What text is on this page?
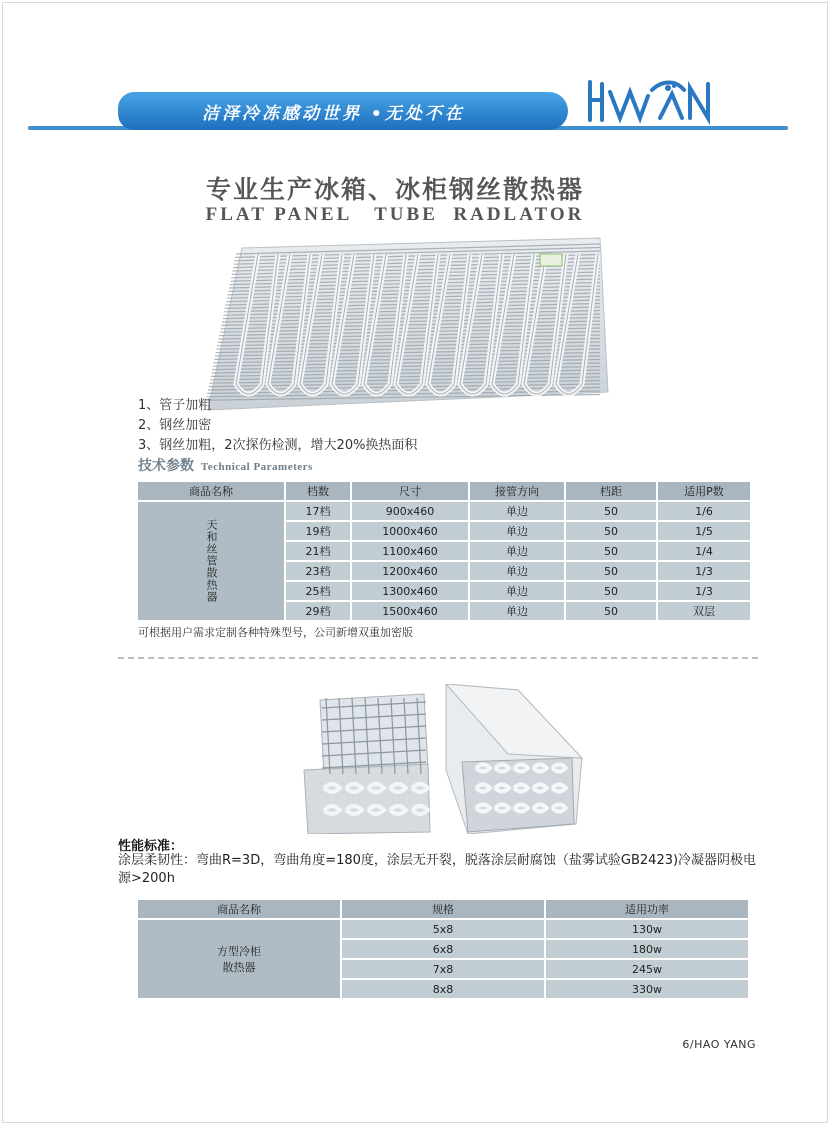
洁泽冷冻感动世界 •无处不在
专业生产冰箱、冰柜钢丝散热器
FLAT PANEL   TUBE  RADLATOR
1、管子加粗
2、钢丝加密
3、钢丝加粗，2次探伤检测，增大20%换热面积
技术参数 Technical Parameters
商品名称	档数	尺寸	接管方向	档距	适用P数
天和丝管散热器	17档	900x460	单边	50	1/6
	19档	1000x460	单边	50	1/5
	21档	1100x460	单边	50	1/4
	23档	1200x460	单边	50	1/3
	25档	1300x460	单边	50	1/3
	29档	1500x460	单边	50	双层
可根据用户需求定制各种特殊型号，公司新增双重加密版
性能标准：
涂层柔韧性：弯曲R=3D，弯曲角度=180度，涂层无开裂，脱落涂层耐腐蚀（盐雾试验GB2423)冷凝器阴极电源>200h
商品名称	规格	适用功率

方型冷柜
散热器	5x8	130w
	6x8	180w
	7x8	245w
	8x8	330w
6/HAO YANG
